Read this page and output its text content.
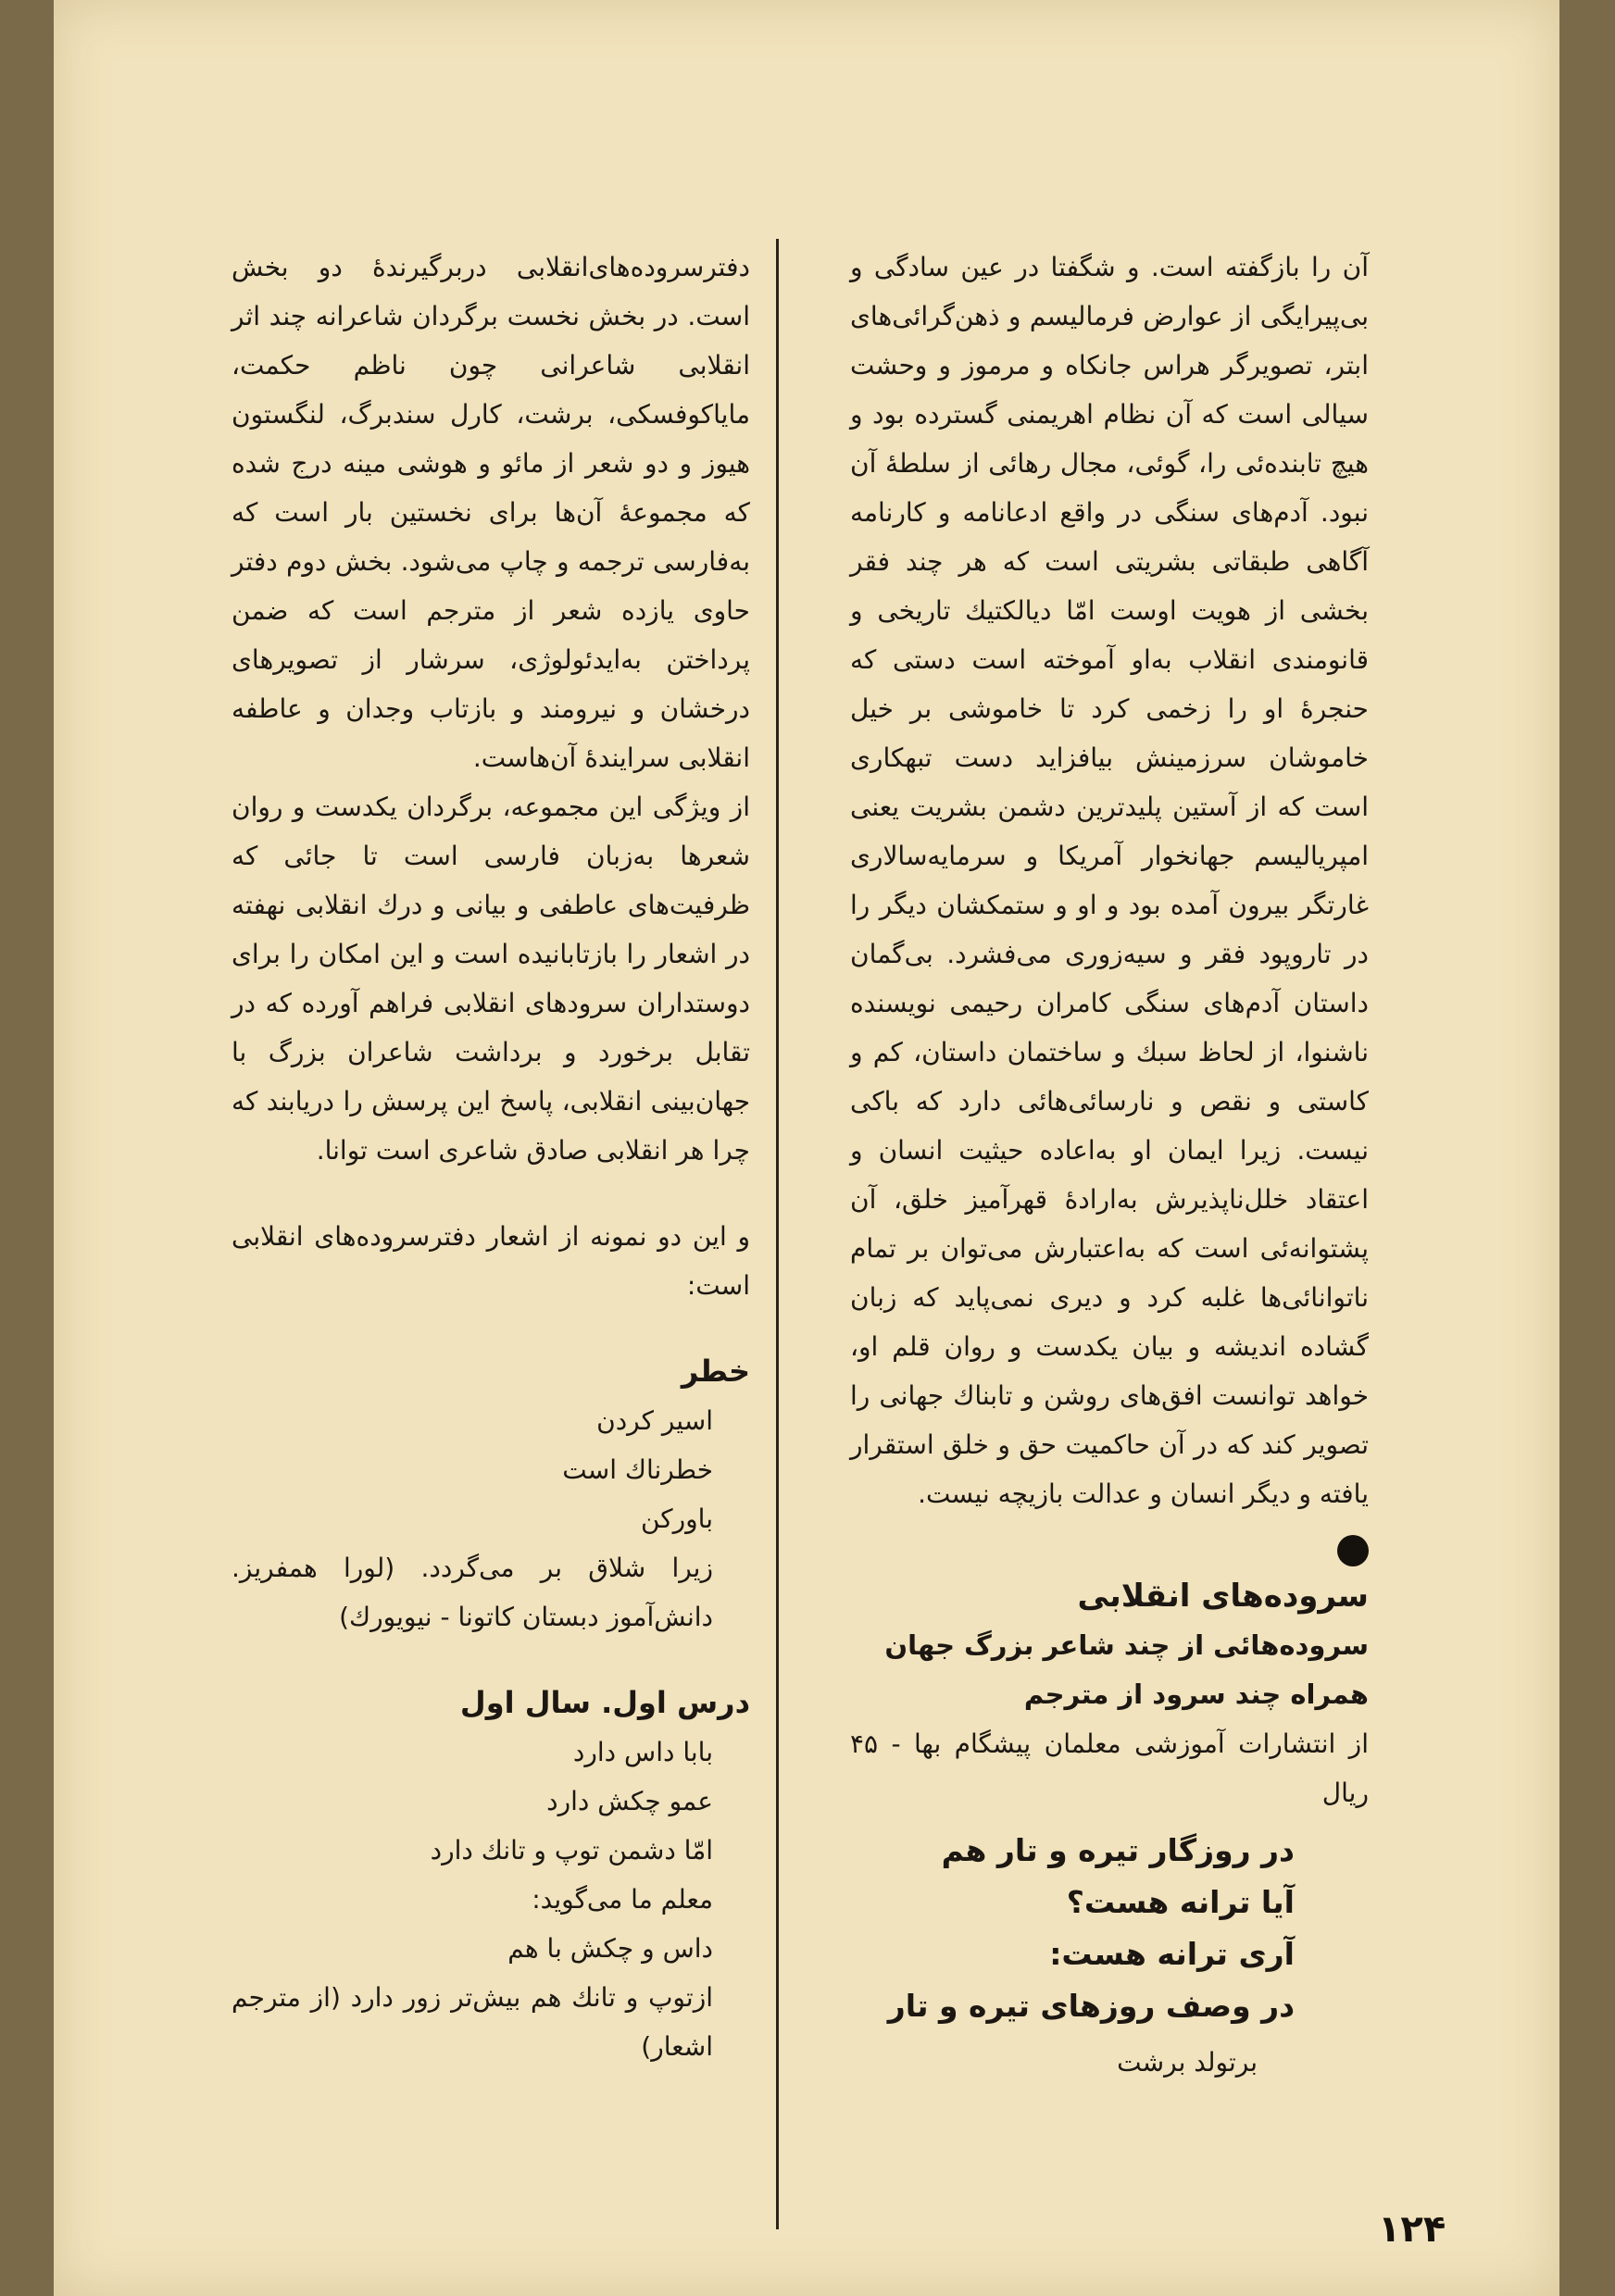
آن را بازگفته است. و شگفتا در عین سادگی و بی‌پیرایگی از عوارض فرمالیسم و ذهن‌گرائی‌های ابتر، تصویرگر هراس جانکاه و مرموز و وحشت سیالی است که آن نظام اهریمنی گسترده بود و هیچ تابنده‌ئی را، گوئی، مجال رهائی از سلطهٔ آن نبود. آدم‌های سنگی در واقع ادعانامه و کارنامه آگاهی طبقاتی بشریتی است که هر چند فقر بخشی از هویت اوست امّا دیالکتیك تاریخی و قانومندی انقلاب به‌او آموخته است دستی که حنجرهٔ او را زخمی کرد تا خاموشی بر خیل خاموشان سرزمینش بیافزاید دست تبهکاری است که از آستین پلیدترین دشمن بشریت یعنی امپریالیسم جهانخوار آمریکا و سرمایه‌سالاری غارتگر بیرون آمده بود و او و ستمکشان دیگر را در تاروپود فقر و سیه‌زوری می‌فشرد. بی‌گمان داستان آدم‌های سنگی کامران رحیمی نویسنده ناشنوا، از لحاظ سبك و ساختمان داستان، کم و کاستی و نقص و نارسائی‌هائی دارد که باکی نیست. زیرا ایمان او به‌اعاده حیثیت انسان و اعتقاد خلل‌ناپذیرش به‌ارادهٔ قهرآمیز خلق، آن پشتوانه‌ئی است که به‌اعتبارش می‌توان بر تمام ناتوانائی‌ها غلبه کرد و دیری نمی‌پاید که زبان گشاده اندیشه و بیان یکدست و روان قلم او، خواهد توانست افق‌های روشن و تابناك جهانی را تصویر کند که در آن حاکمیت حق و خلق استقرار یافته و دیگر انسان و عدالت بازیچه نیست.

سروده‌های انقلابی

سروده‌هائی از چند شاعر بزرگ جهان

همراه چند سرود از مترجم

از انتشارات آموزشی معلمان پیشگام بها - ۴۵ ریال

در روزگار تیره و تار هم

آیا ترانه هست؟

آری ترانه هست:

در وصف روزهای تیره و تار

برتولد برشت

دفترسروده‌های‌انقلابی دربرگیرندهٔ دو بخش است. در بخش نخست برگردان شاعرانه چند اثر انقلابی شاعرانی چون ناظم حکمت، مایاکوفسکی، برشت، کارل سندبرگ، لنگستون هیوز و دو شعر از مائو و هوشی مینه درج شده که مجموعهٔ آن‌ها برای نخستین بار است که به‌فارسی ترجمه و چاپ می‌شود. بخش دوم دفتر حاوی یازده شعر از مترجم است که ضمن پرداختن به‌ایدئولوژی، سرشار از تصویرهای درخشان و نیرومند و بازتاب وجدان و عاطفه انقلابی سرایندهٔ آن‌هاست.

از ویژگی این مجموعه، برگردان یکدست و روان شعرها به‌زبان فارسی است تا جائی که ظرفیت‌های عاطفی و بیانی و درك انقلابی نهفته در اشعار را بازتابانیده است و این امکان را برای دوستداران سرودهای انقلابی فراهم آورده که در تقابل برخورد و برداشت شاعران بزرگ با جهان‌بینی انقلابی، پاسخ این پرسش را دریابند که چرا هر انقلابی صادق شاعری است توانا.

و این دو نمونه از اشعار دفترسروده‌های انقلابی است:

خطر

اسیر کردن

خطرناك است

باورکن

زیرا شلاق بر می‌گردد. (لورا همفریز. دانش‌آموز دبستان کاتونا - نیویورك)

درس اول. سال اول

بابا داس دارد

عمو چکش دارد

امّا دشمن توپ و تانك دارد

معلم ما می‌گوید:

داس و چکش با هم

ازتوپ و تانك هم بیش‌تر زور دارد (از مترجم اشعار)

۱۲۴
